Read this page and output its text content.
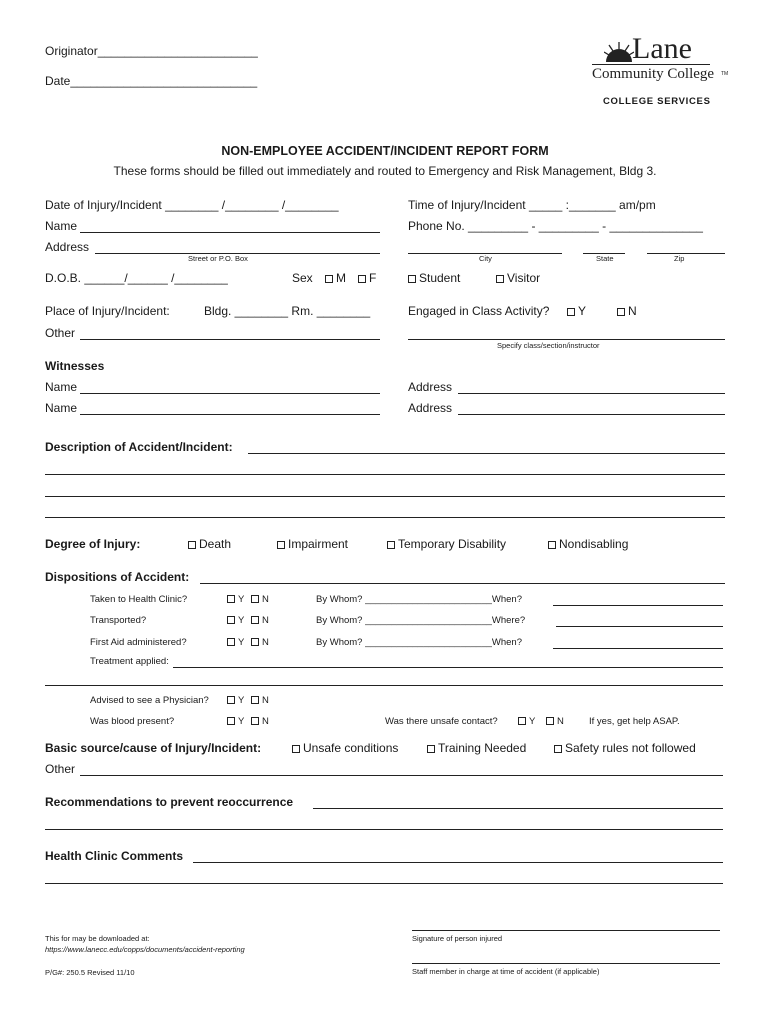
Originator________________________
Date____________________________
Lane
Community College TM
COLLEGE SERVICES
NON-EMPLOYEE ACCIDENT/INCIDENT REPORT FORM
These forms should be filled out immediately and routed to Emergency and Risk Management, Bldg 3.
Date of Injury/Incident ________ /________ /________	Time of Injury/Incident _____ :_______ am/pm
Name	Phone No. _________ - _________ - ______________
Address
Street or P.O. Box	City	State	Zip
D.O.B. ______/______ /________	Sex	M	F	Student	Visitor
Place of Injury/Incident:	Bldg. ________ Rm. ________	Engaged in Class Activity?	Y	N
Other
Specify class/section/instructor
Witnesses
Name	Address
Name	Address
Description of Accident/Incident:
Degree of Injury:	Death	Impairment	Temporary Disability	Nondisabling
Dispositions of Accident:
Taken to Health Clinic?	Y	N	By Whom? ________________________When?
Transported?	Y	N	By Whom? ________________________Where?
First Aid administered?	Y	N	By Whom? ________________________When?
Treatment applied:
Advised to see a Physician?	Y	N
Was blood present?	Y	N	Was there unsafe contact?	Y	N	If yes, get help ASAP.
Basic source/cause of Injury/Incident:	Unsafe conditions	Training Needed	Safety rules not followed
Other
Recommendations to prevent reoccurrence
Health Clinic Comments
This for may be downloaded at:
https://www.lanecc.edu/copps/documents/accident-reporting
P/G#: 250.5 Revised 11/10
Signature of person injured
Staff member in charge at time of accident (if applicable)
